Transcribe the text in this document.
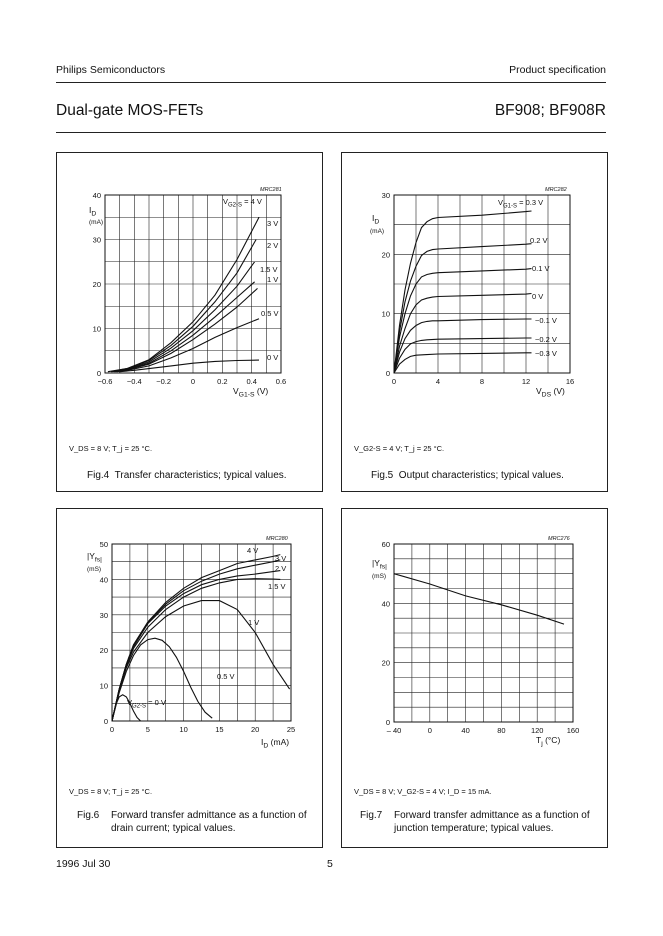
Philips Semiconductors	Product specification
Dual-gate MOS-FETs	BF908; BF908R
−0.6 −0.4 −0.2	0	0.2	0.4	0.6
0
10
20
30
40
MRC281
$I_D$
(mA)
$V_{G1-S}$ (V)
$V_{G2-S} = 4$ V
3 V
2 V
1.5 V
1 V
0.5 V
0 V
V_DS = 8 V; T_j = 25 °C.
Fig.4 Transfer characteristics; typical values.
0	4	8	12	16
0
10
20
30
MRC282
$I_D$
(mA)
$V_{DS}$ (V)
$V_{G1-S} = 0.3$ V
0.2 V
0.1 V
0 V
−0.1 V
−0.2 V
−0.3 V
V_G2-S = 4 V; T_j = 25 °C.
Fig.5 Output characteristics; typical values.
0	5	10	15	20	25
0
10
20
30
40
50
MRC280
$|Y_{fs|}$
(mS)
$I_D$ (mA)
4 V
3 V
2 V
1.5 V
1 V
0.5 V
$V_{G2-S} = 0$ V
V_DS = 8 V; T_j = 25 °C.
Fig.6 Forward transfer admittance as a function of drain current; typical values.
– 40	0	40	80	120	160
0
20
40
60
MRC276
$|Y_{fs|}$
(mS)
$T_j$ (°C)
V_DS = 8 V; V_G2-S = 4 V; I_D = 15 mA.
Fig.7 Forward transfer admittance as a function of junction temperature; typical values.
1996 Jul 30	5
